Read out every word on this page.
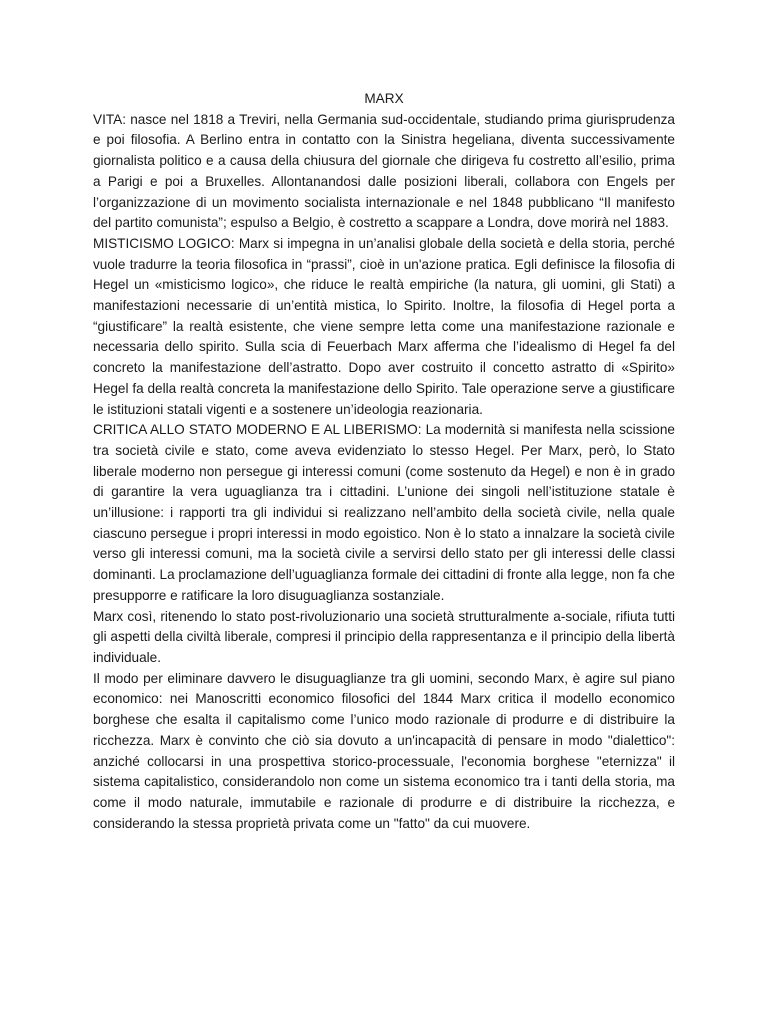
MARX

VITA: nasce nel 1818 a Treviri, nella Germania sud-occidentale, studiando prima giurisprudenza e poi filosofia. A Berlino entra in contatto con la Sinistra hegeliana, diventa successivamente giornalista politico e a causa della chiusura del giornale che dirigeva fu costretto all’esilio, prima a Parigi e poi a Bruxelles. Allontanandosi dalle posizioni liberali, collabora con Engels per l’organizzazione di un movimento socialista internazionale e nel 1848 pubblicano “Il manifesto del partito comunista”; espulso a Belgio, è costretto a scappare a Londra, dove morirà nel 1883.

MISTICISMO LOGICO: Marx si impegna in un’analisi globale della società e della storia, perché vuole tradurre la teoria filosofica in “prassi”, cioè in un'azione pratica. Egli definisce la filosofia di Hegel un «misticismo logico», che riduce le realtà empiriche (la natura, gli uomini, gli Stati) a manifestazioni necessarie di un’entità mistica, lo Spirito. Inoltre, la filosofia di Hegel porta a “giustificare” la realtà esistente, che viene sempre letta come una manifestazione razionale e necessaria dello spirito. Sulla scia di Feuerbach Marx afferma che l’idealismo di Hegel fa del concreto la manifestazione dell’astratto. Dopo aver costruito il concetto astratto di «Spirito» Hegel fa della realtà concreta la manifestazione dello Spirito. Tale operazione serve a giustificare le istituzioni statali vigenti e a sostenere un’ideologia reazionaria.

CRITICA ALLO STATO MODERNO E AL LIBERISMO: La modernità si manifesta nella scissione tra società civile e stato, come aveva evidenziato lo stesso Hegel. Per Marx, però, lo Stato liberale moderno non persegue gi interessi comuni (come sostenuto da Hegel) e non è in grado di garantire la vera uguaglianza tra i cittadini. L’unione dei singoli nell’istituzione statale è un’illusione: i rapporti tra gli individui si realizzano nell’ambito della società civile, nella quale ciascuno persegue i propri interessi in modo egoistico. Non è lo stato a innalzare la società civile verso gli interessi comuni, ma la società civile a servirsi dello stato per gli interessi delle classi dominanti. La proclamazione dell’uguaglianza formale dei cittadini di fronte alla legge, non fa che presupporre e ratificare la loro disuguaglianza sostanziale.

Marx così, ritenendo lo stato post-rivoluzionario una società strutturalmente a-sociale, rifiuta tutti gli aspetti della civiltà liberale, compresi il principio della rappresentanza e il principio della libertà individuale.

Il modo per eliminare davvero le disuguaglianze tra gli uomini, secondo Marx, è agire sul piano economico: nei Manoscritti economico filosofici del 1844 Marx critica il modello economico borghese che esalta il capitalismo come l’unico modo razionale di produrre e di distribuire la ricchezza. Marx è convinto che ciò sia dovuto a un'incapacità di pensare in modo "dialettico": anziché collocarsi in una prospettiva storico-processuale, l'economia borghese "eternizza" il sistema capitalistico, considerandolo non come un sistema economico tra i tanti della storia, ma come il modo naturale, immutabile e razionale di produrre e di distribuire la ricchezza, e considerando la stessa proprietà privata come un "fatto" da cui muovere.
